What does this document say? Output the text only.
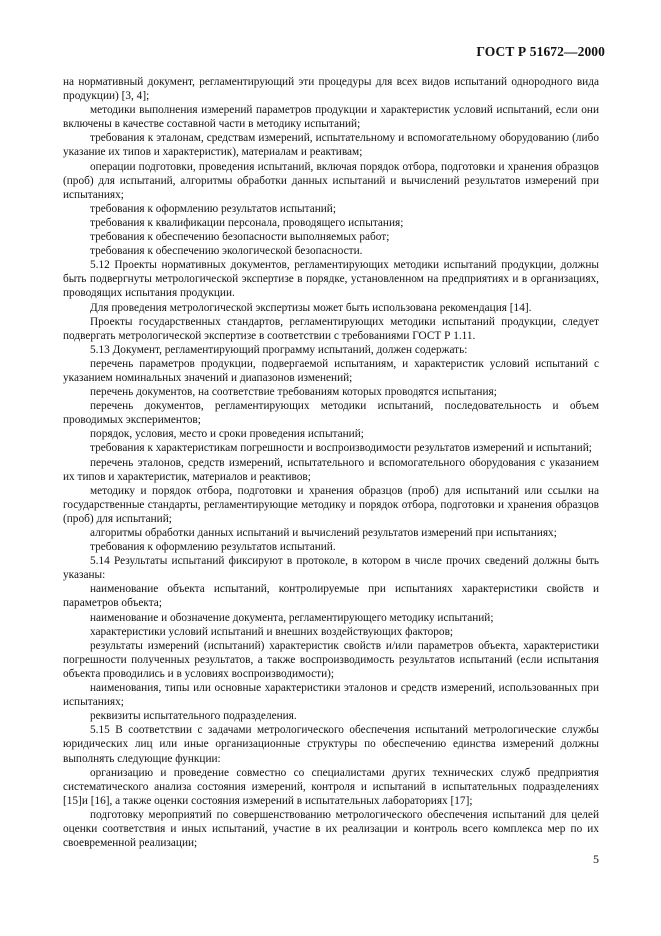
ГОСТ Р 51672—2000

на нормативный документ, регламентирующий эти процедуры для всех видов испытаний однородного вида продукции) [3, 4];

методики выполнения измерений параметров продукции и характеристик условий испытаний, если они включены в качестве составной части в методику испытаний;

требования к эталонам, средствам измерений, испытательному и вспомогательному оборудованию (либо указание их типов и характеристик), материалам и реактивам;

операции подготовки, проведения испытаний, включая порядок отбора, подготовки и хранения образцов (проб) для испытаний, алгоритмы обработки данных испытаний и вычислений результатов измерений при испытаниях;

требования к оформлению результатов испытаний;

требования к квалификации персонала, проводящего испытания;

требования к обеспечению безопасности выполняемых работ;

требования к обеспечению экологической безопасности.

5.12 Проекты нормативных документов, регламентирующих методики испытаний продукции, должны быть подвергнуты метрологической экспертизе в порядке, установленном на предприятиях и в организациях, проводящих испытания продукции.

Для проведения метрологической экспертизы может быть использована рекомендация [14].

Проекты государственных стандартов, регламентирующих методики испытаний продукции, следует подвергать метрологической экспертизе в соответствии с требованиями ГОСТ Р 1.11.

5.13 Документ, регламентирующий программу испытаний, должен содержать:

перечень параметров продукции, подвергаемой испытаниям, и характеристик условий испытаний с указанием номинальных значений и диапазонов изменений;

перечень документов, на соответствие требованиям которых проводятся испытания;

перечень документов, регламентирующих методики испытаний, последовательность и объем проводимых экспериментов;

порядок, условия, место и сроки проведения испытаний;

требования к характеристикам погрешности и воспроизводимости результатов измерений и испытаний;

перечень эталонов, средств измерений, испытательного и вспомогательного оборудования с указанием их типов и характеристик, материалов и реактивов;

методику и порядок отбора, подготовки и хранения образцов (проб) для испытаний или ссылки на государственные стандарты, регламентирующие методику и порядок отбора, подготовки и хранения образцов (проб) для испытаний;

алгоритмы обработки данных испытаний и вычислений результатов измерений при испытаниях;

требования к оформлению результатов испытаний.

5.14 Результаты испытаний фиксируют в протоколе, в котором в числе прочих сведений должны быть указаны:

наименование объекта испытаний, контролируемые при испытаниях характеристики свойств и параметров объекта;

наименование и обозначение документа, регламентирующего методику испытаний;

характеристики условий испытаний и внешних воздействующих факторов;

результаты измерений (испытаний) характеристик свойств и/или параметров объекта, характеристики погрешности полученных результатов, а также воспроизводимость результатов испытаний (если испытания объекта проводились и в условиях воспроизводимости);

наименования, типы или основные характеристики эталонов и средств измерений, использованных при испытаниях;

реквизиты испытательного подразделения.

5.15 В соответствии с задачами метрологического обеспечения испытаний метрологические службы юридических лиц или иные организационные структуры по обеспечению единства измерений должны выполнять следующие функции:

организацию и проведение совместно со специалистами других технических служб предприятия систематического анализа состояния измерений, контроля и испытаний в испытательных подразделениях [15]и [16], а также оценки состояния измерений в испытательных лабораториях [17];

подготовку мероприятий по совершенствованию метрологического обеспечения испытаний для целей оценки соответствия и иных испытаний, участие в их реализации и контроль всего комплекса мер по их своевременной реализации;

5
